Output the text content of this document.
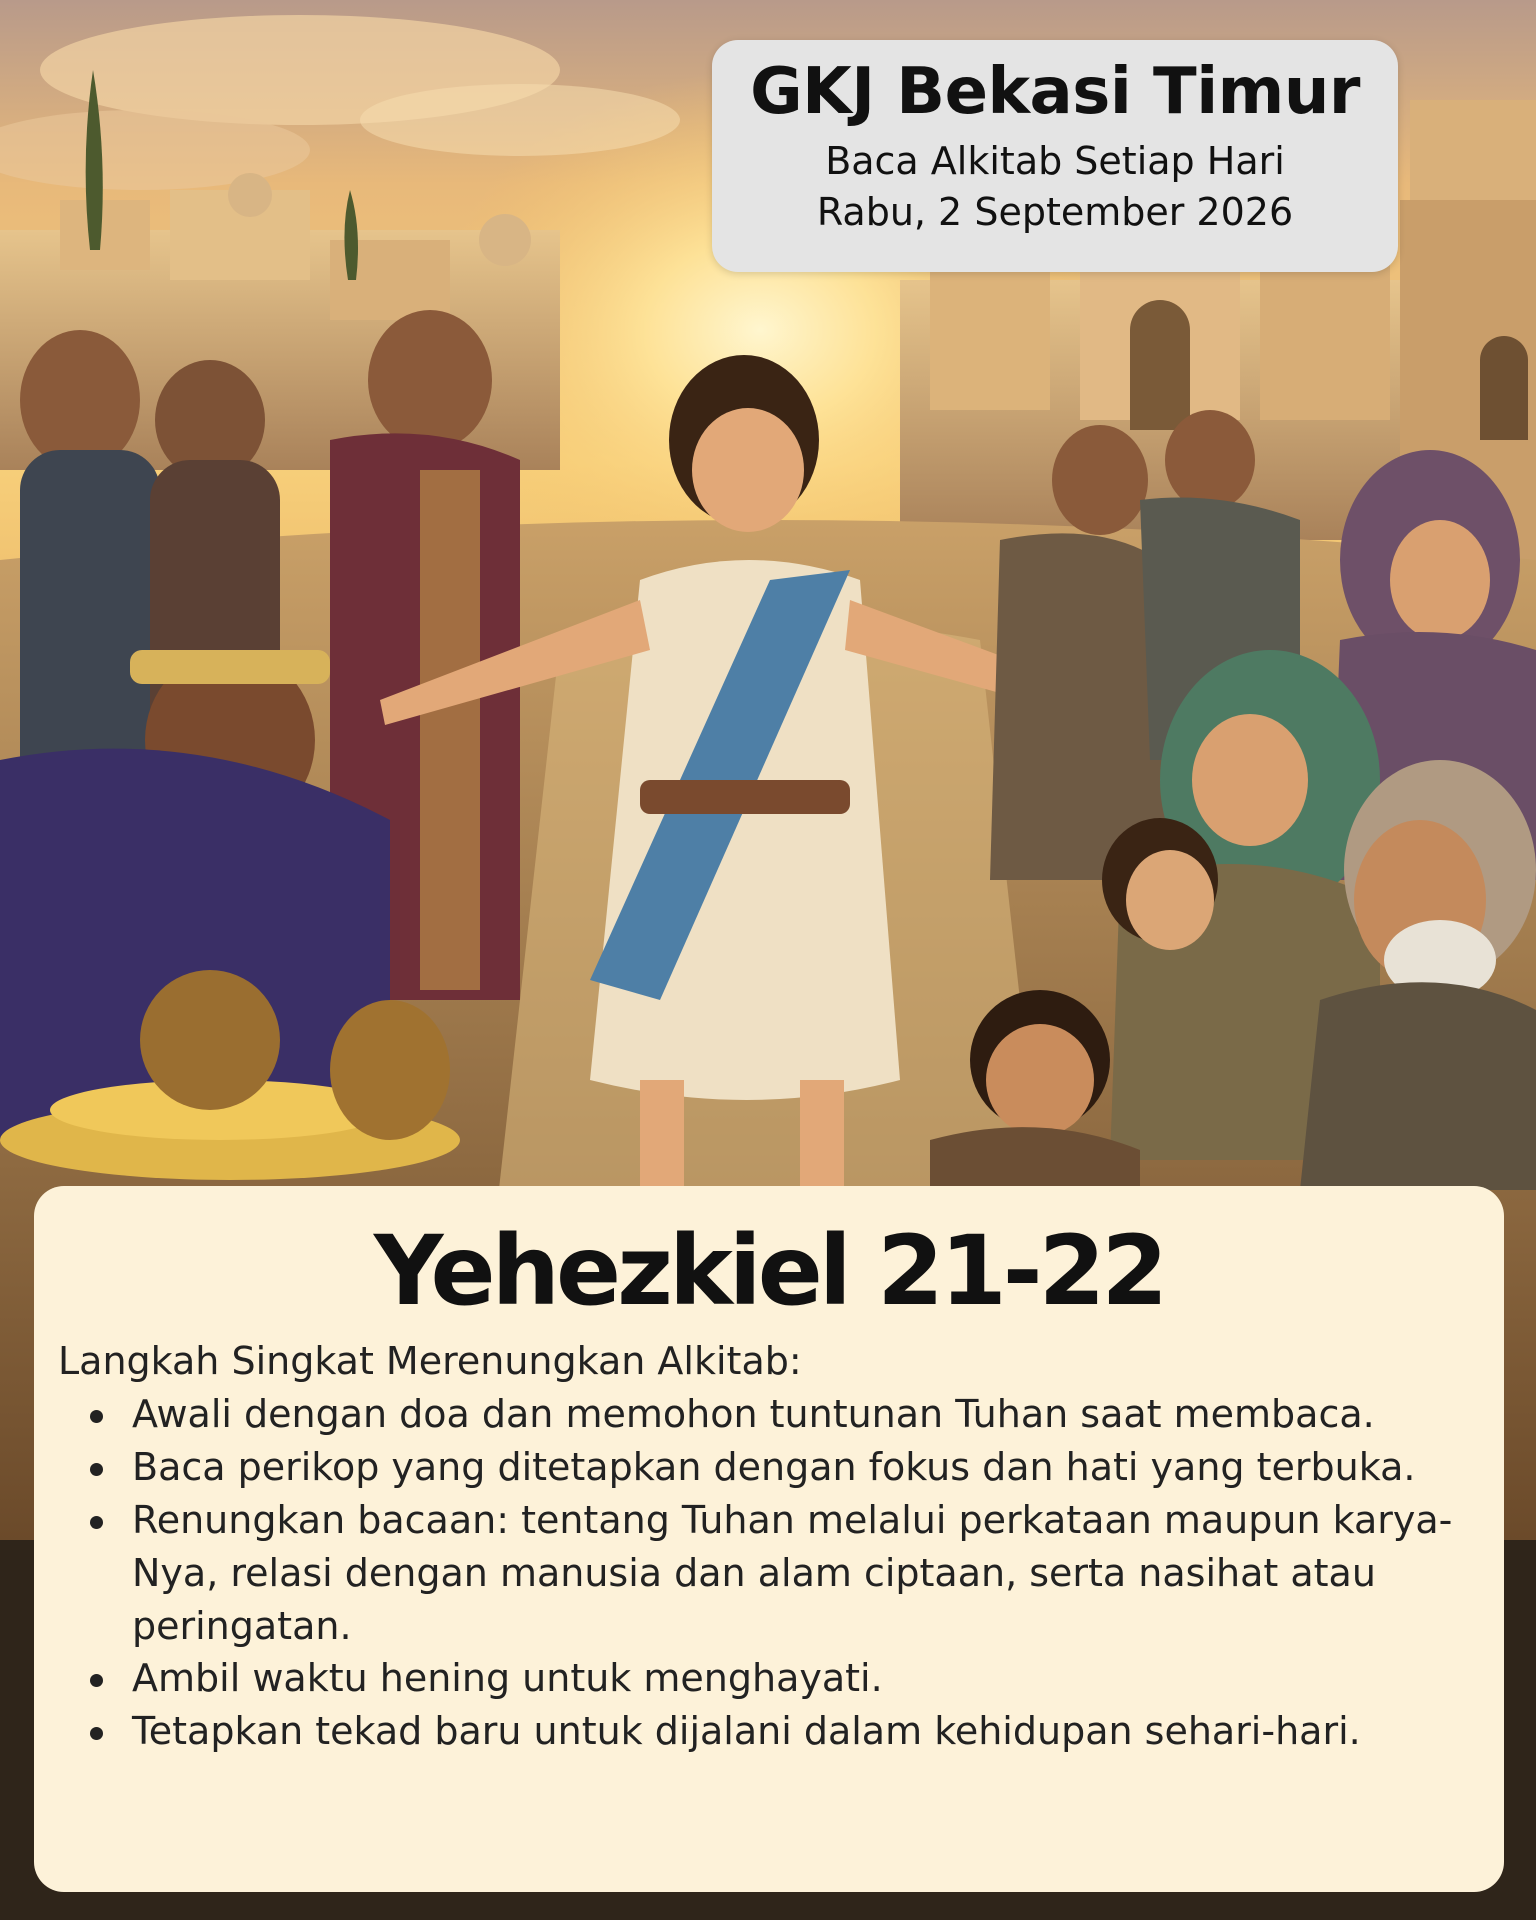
GKJ Bekasi Timur
Baca Alkitab Setiap Hari
Rabu, 2 September 2026
Yehezkiel 21-22
Langkah Singkat Merenungkan Alkitab:
Awali dengan doa dan memohon tuntunan Tuhan saat membaca.
Baca perikop yang ditetapkan dengan fokus dan hati yang terbuka.
Renungkan bacaan: tentang Tuhan melalui perkataan maupun karya-Nya, relasi dengan manusia dan alam ciptaan, serta nasihat atau peringatan.
Ambil waktu hening untuk menghayati.
Tetapkan tekad baru untuk dijalani dalam kehidupan sehari-hari.
